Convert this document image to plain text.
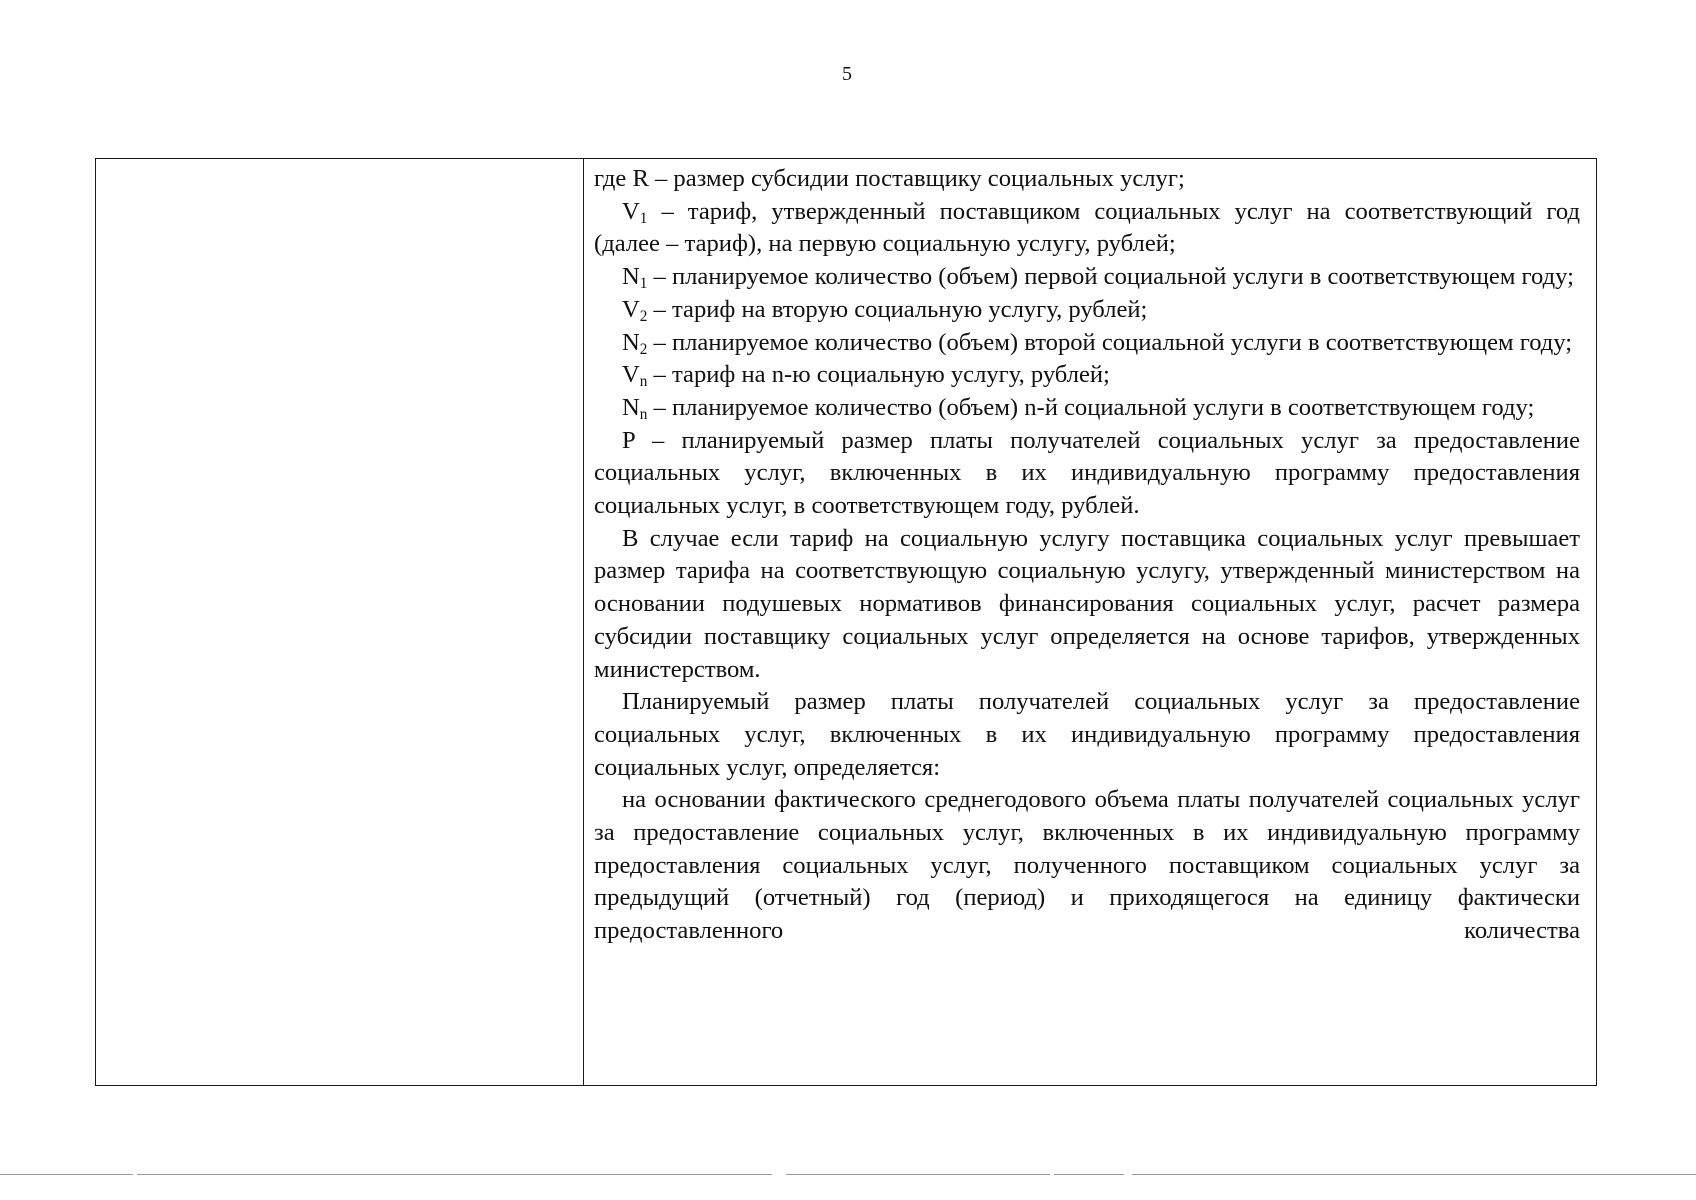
5

где R – размер субсидии поставщику социальных услуг;

$V_1$ – тариф, утвержденный поставщиком социальных услуг на соответствующий год (далее – тариф), на первую социальную услугу, рублей;

$N_1$ – планируемое количество (объем) первой социальной услуги в соответствующем году;

$V_2$ – тариф на вторую социальную услугу, рублей;

$N_2$ – планируемое количество (объем) второй социальной услуги в соответствующем году;

$V_n$ – тариф на n-ю социальную услугу, рублей;

$N_n$ – планируемое количество (объем) n-й социальной услуги в соответствующем году;

P – планируемый размер платы получателей социальных услуг за предоставление социальных услуг, включенных в их индивидуальную программу предоставления социальных услуг, в соответствующем году, рублей.

В случае если тариф на социальную услугу поставщика социальных услуг превышает размер тарифа на соответствующую социальную услугу, утвержденный министерством на основании подушевых нормативов финансирования социальных услуг, расчет размера субсидии поставщику социальных услуг определяется на основе тарифов, утвержденных министерством.

Планируемый размер платы получателей социальных услуг за предоставление социальных услуг, включенных в их индивидуальную программу предоставления социальных услуг, определяется:

на основании фактического среднегодового объема платы получателей социальных услуг за предоставление социальных услуг, включенных в их индивидуальную программу предоставления социальных услуг, полученного поставщиком социальных услуг за предыдущий (отчетный) год (период) и приходящегося на единицу фактически предоставленного количества
